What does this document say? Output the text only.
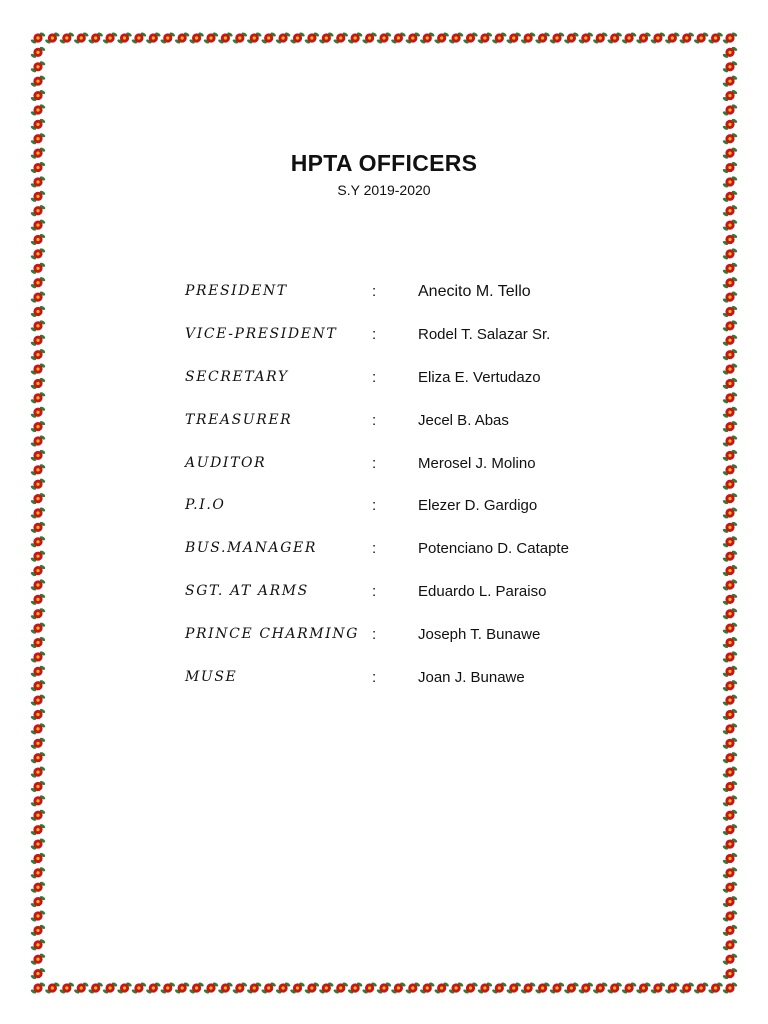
HPTA OFFICERS
S.Y 2019-2020
PRESIDENT	:	Anecito M. Tello
VICE-PRESIDENT :	Rodel T. Salazar Sr.
SECRETARY	:	Eliza E. Vertudazo
TREASURER	:	Jecel B. Abas
AUDITOR	:	Merosel J. Molino
P.I.O	:	Elezer D. Gardigo
BUS.MANAGER	:	Potenciano D. Catapte
SGT. AT ARMS	:	Eduardo L. Paraiso
PRINCE CHARMING :	Joseph T. Bunawe
MUSE	:	Joan J. Bunawe
